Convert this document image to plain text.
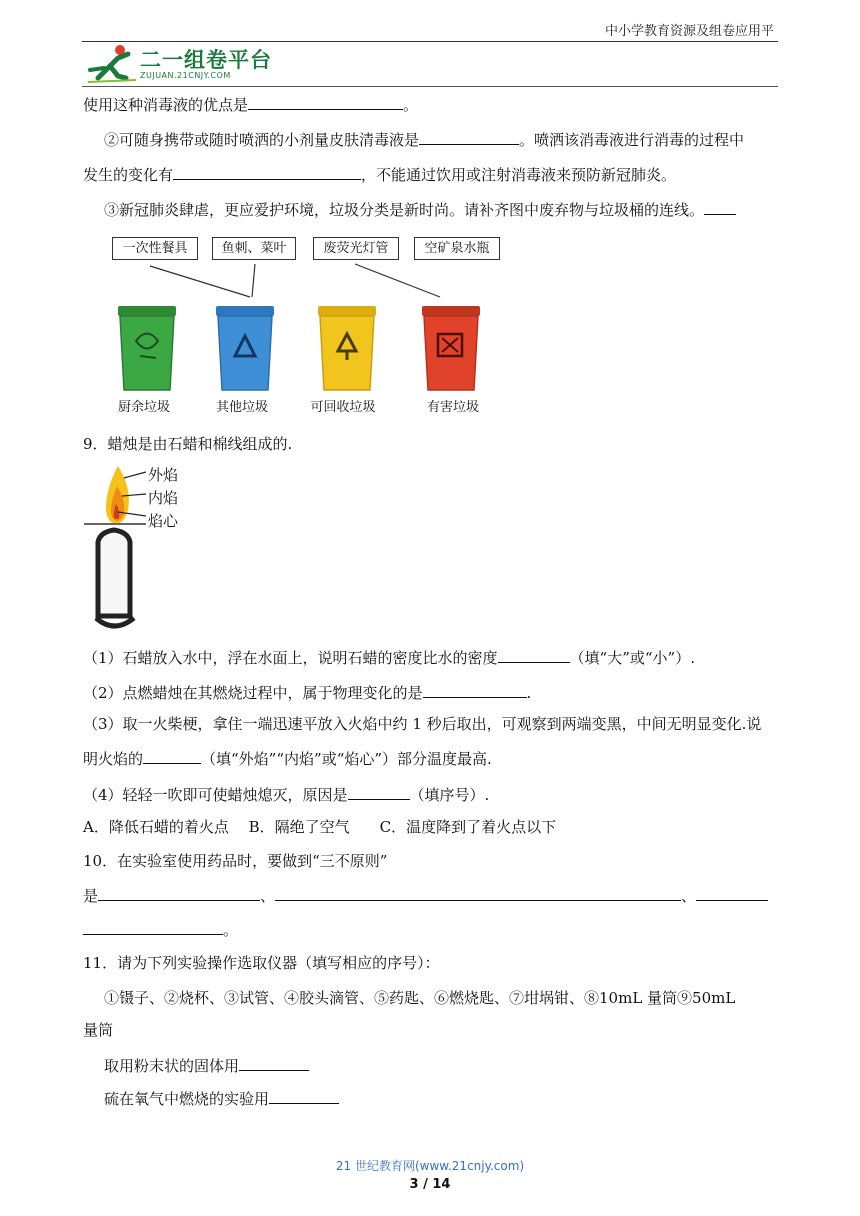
中小学教育资源及组卷应用平
二一组卷平台
ZUJUAN.21CNJY.COM
使用这种消毒液的优点是	。
②可随身携带或随时喷洒的小剂量皮肤清毒液是	。喷洒该消毒液进行消毒的过程中
发生的变化有	，不能通过饮用或注射消毒液来预防新冠肺炎。
③新冠肺炎肆虐，更应爱护环境，垃圾分类是新时尚。请补齐图中废弃物与垃圾桶的连线。
一次性餐具	鱼刺、菜叶	废荧光灯管	空矿泉水瓶
厨余垃圾	其他垃圾	可回收垃圾	有害垃圾
9．蜡烛是由石蜡和棉线组成的.
外焰
内焰
焰心
（1）石蜡放入水中，浮在水面上，说明石蜡的密度比水的密度	（填“大”或“小”）.
（2）点燃蜡烛在其燃烧过程中，属于物理变化的是	.
（3）取一火柴梗，拿住一端迅速平放入火焰中约 1 秒后取出，可观察到两端变黑，中间无明显变化.说
明火焰的	（填“外焰”“内焰”或“焰心”）部分温度最高.
（4）轻轻一吹即可使蜡烛熄灭，原因是	（填序号）.
A．降低石蜡的着火点　 B．隔绝了空气　　C．温度降到了着火点以下
10．在实验室使用药品时，要做到“三不原则”
是	、	、
。
11．请为下列实验操作选取仪器（填写相应的序号）：
①镊子、②烧杯、③试管、④胶头滴管、⑤药匙、⑥燃烧匙、⑦坩埚钳、⑧10mL 量筒⑨50mL
量筒
取用粉末状的固体用
硫在氧气中燃烧的实验用
21 世纪教育网(www.21cnjy.com)
3 / 14
